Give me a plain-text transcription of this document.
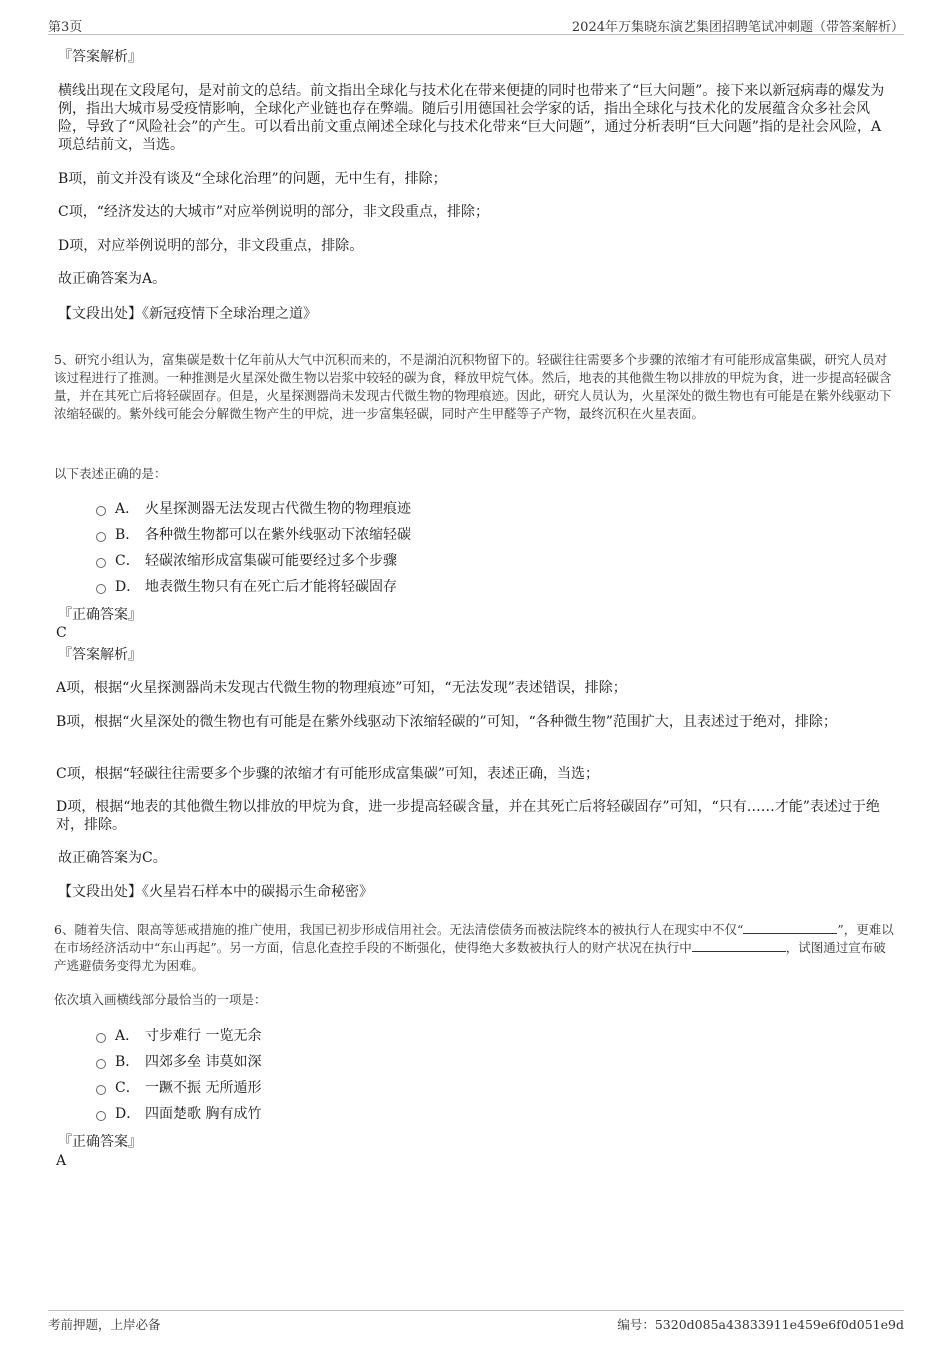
第3页	2024年万集晓东演艺集团招聘笔试冲刺题（带答案解析）

『答案解析』

横线出现在文段尾句，是对前文的总结。前文指出全球化与技术化在带来便捷的同时也带来了“巨大问题”。接下来以新冠病毒的爆发为例，指出大城市易受疫情影响，全球化产业链也存在弊端。随后引用德国社会学家的话，指出全球化与技术化的发展蕴含众多社会风险，导致了“风险社会”的产生。可以看出前文重点阐述全球化与技术化带来“巨大问题”，通过分析表明“巨大问题”指的是社会风险，A项总结前文，当选。

B项，前文并没有谈及“全球化治理”的问题，无中生有，排除；

C项，“经济发达的大城市”对应举例说明的部分，非文段重点，排除；

D项，对应举例说明的部分，非文段重点，排除。

故正确答案为A。

【文段出处】《新冠疫情下全球治理之道》

5、研究小组认为，富集碳是数十亿年前从大气中沉积而来的，不是湖泊沉积物留下的。轻碳往往需要多个步骤的浓缩才有可能形成富集碳，研究人员对该过程进行了推测。一种推测是火星深处微生物以岩浆中较轻的碳为食，释放甲烷气体。然后，地表的其他微生物以排放的甲烷为食，进一步提高轻碳含量，并在其死亡后将轻碳固存。但是，火星探测器尚未发现古代微生物的物理痕迹。因此，研究人员认为，火星深处的微生物也有可能是在紫外线驱动下浓缩轻碳的。紫外线可能会分解微生物产生的甲烷，进一步富集轻碳，同时产生甲醛等子产物，最终沉积在火星表面。

以下表述正确的是：

A． 火星探测器无法发现古代微生物的物理痕迹
B． 各种微生物都可以在紫外线驱动下浓缩轻碳
C． 轻碳浓缩形成富集碳可能要经过多个步骤
D． 地表微生物只有在死亡后才能将轻碳固存

『正确答案』

C

『答案解析』

A项，根据“火星探测器尚未发现古代微生物的物理痕迹”可知，“无法发现”表述错误，排除；

B项，根据“火星深处的微生物也有可能是在紫外线驱动下浓缩轻碳的”可知，“各种微生物”范围扩大，且表述过于绝对，排除；

C项，根据“轻碳往往需要多个步骤的浓缩才有可能形成富集碳”可知，表述正确，当选；

D项，根据“地表的其他微生物以排放的甲烷为食，进一步提高轻碳含量，并在其死亡后将轻碳固存”可知，“只有……才能”表述过于绝对，排除。

故正确答案为C。

【文段出处】《火星岩石样本中的碳揭示生命秘密》

6、随着失信、限高等惩戒措施的推广使用，我国已初步形成信用社会。无法清偿债务而被法院终本的被执行人在现实中不仅“	”，更难以在市场经济活动中“东山再起”。另一方面，信息化查控手段的不断强化，使得绝大多数被执行人的财产状况在执行中	，试图通过宣布破产逃避债务变得尤为困难。

依次填入画横线部分最恰当的一项是：

A． 寸步难行 一览无余
B． 四郊多垒 讳莫如深
C． 一蹶不振 无所遁形
D． 四面楚歌 胸有成竹

『正确答案』

A

考前押题，上岸必备	编号：5320d085a43833911e459e6f0d051e9d
